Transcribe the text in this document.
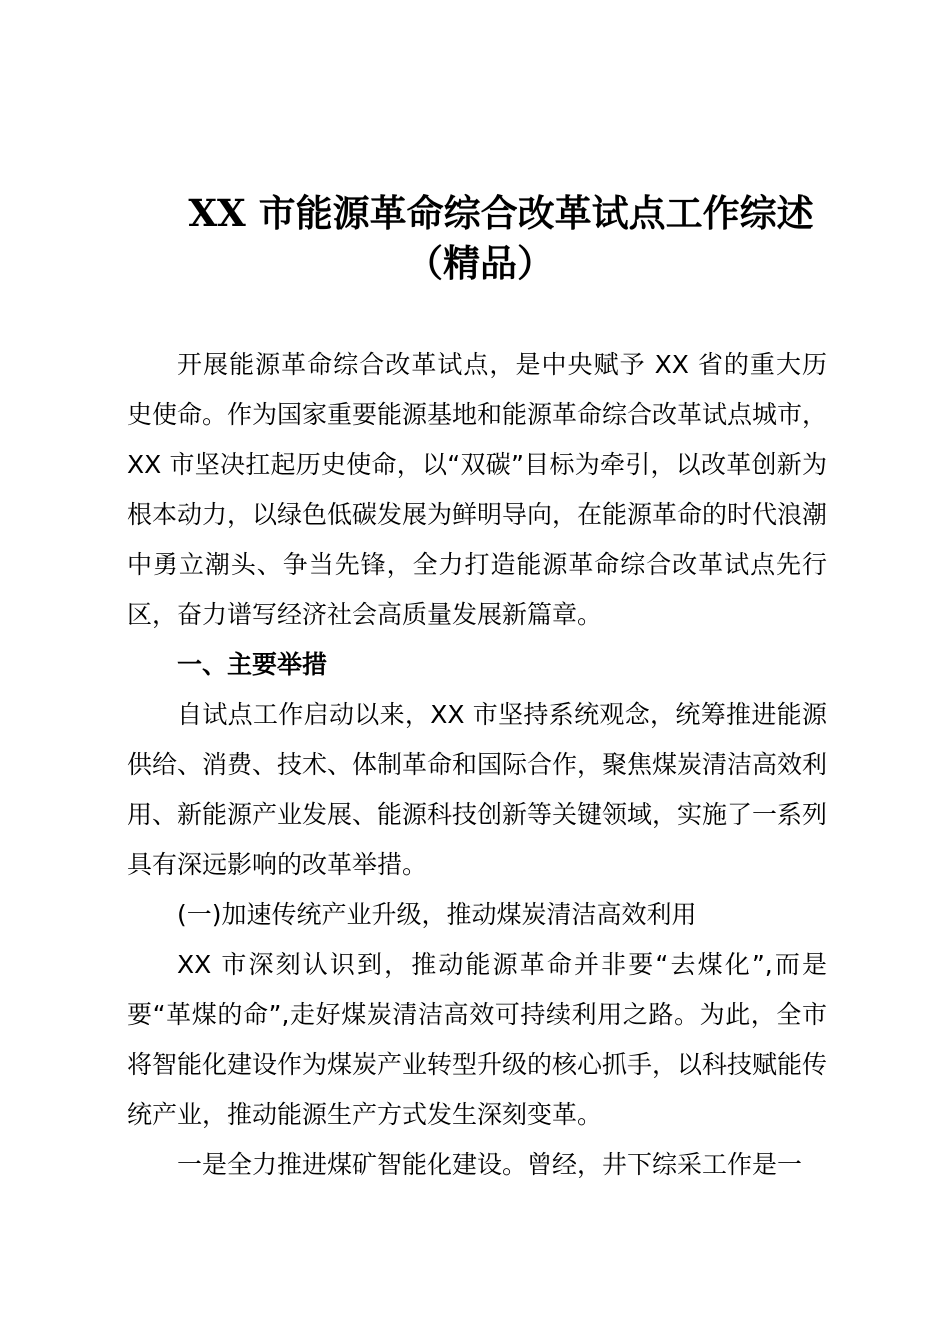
XX 市能源革命综合改革试点工作综述
（精品）

开展能源革命综合改革试点，是中央赋予 XX 省的重大历史使命。作为国家重要能源基地和能源革命综合改革试点城市，XX 市坚决扛起历史使命，以“双碳”目标为牵引，以改革创新为根本动力，以绿色低碳发展为鲜明导向，在能源革命的时代浪潮中勇立潮头、争当先锋，全力打造能源革命综合改革试点先行区，奋力谱写经济社会高质量发展新篇章。

一、主要举措

自试点工作启动以来，XX 市坚持系统观念，统筹推进能源供给、消费、技术、体制革命和国际合作，聚焦煤炭清洁高效利用、新能源产业发展、能源科技创新等关键领域，实施了一系列具有深远影响的改革举措。

(一)加速传统产业升级，推动煤炭清洁高效利用

XX 市深刻认识到，推动能源革命并非要“去煤化”,而是要“革煤的命”,走好煤炭清洁高效可持续利用之路。为此，全市将智能化建设作为煤炭产业转型升级的核心抓手，以科技赋能传统产业，推动能源生产方式发生深刻变革。

一是全力推进煤矿智能化建设。曾经，井下综采工作是一
